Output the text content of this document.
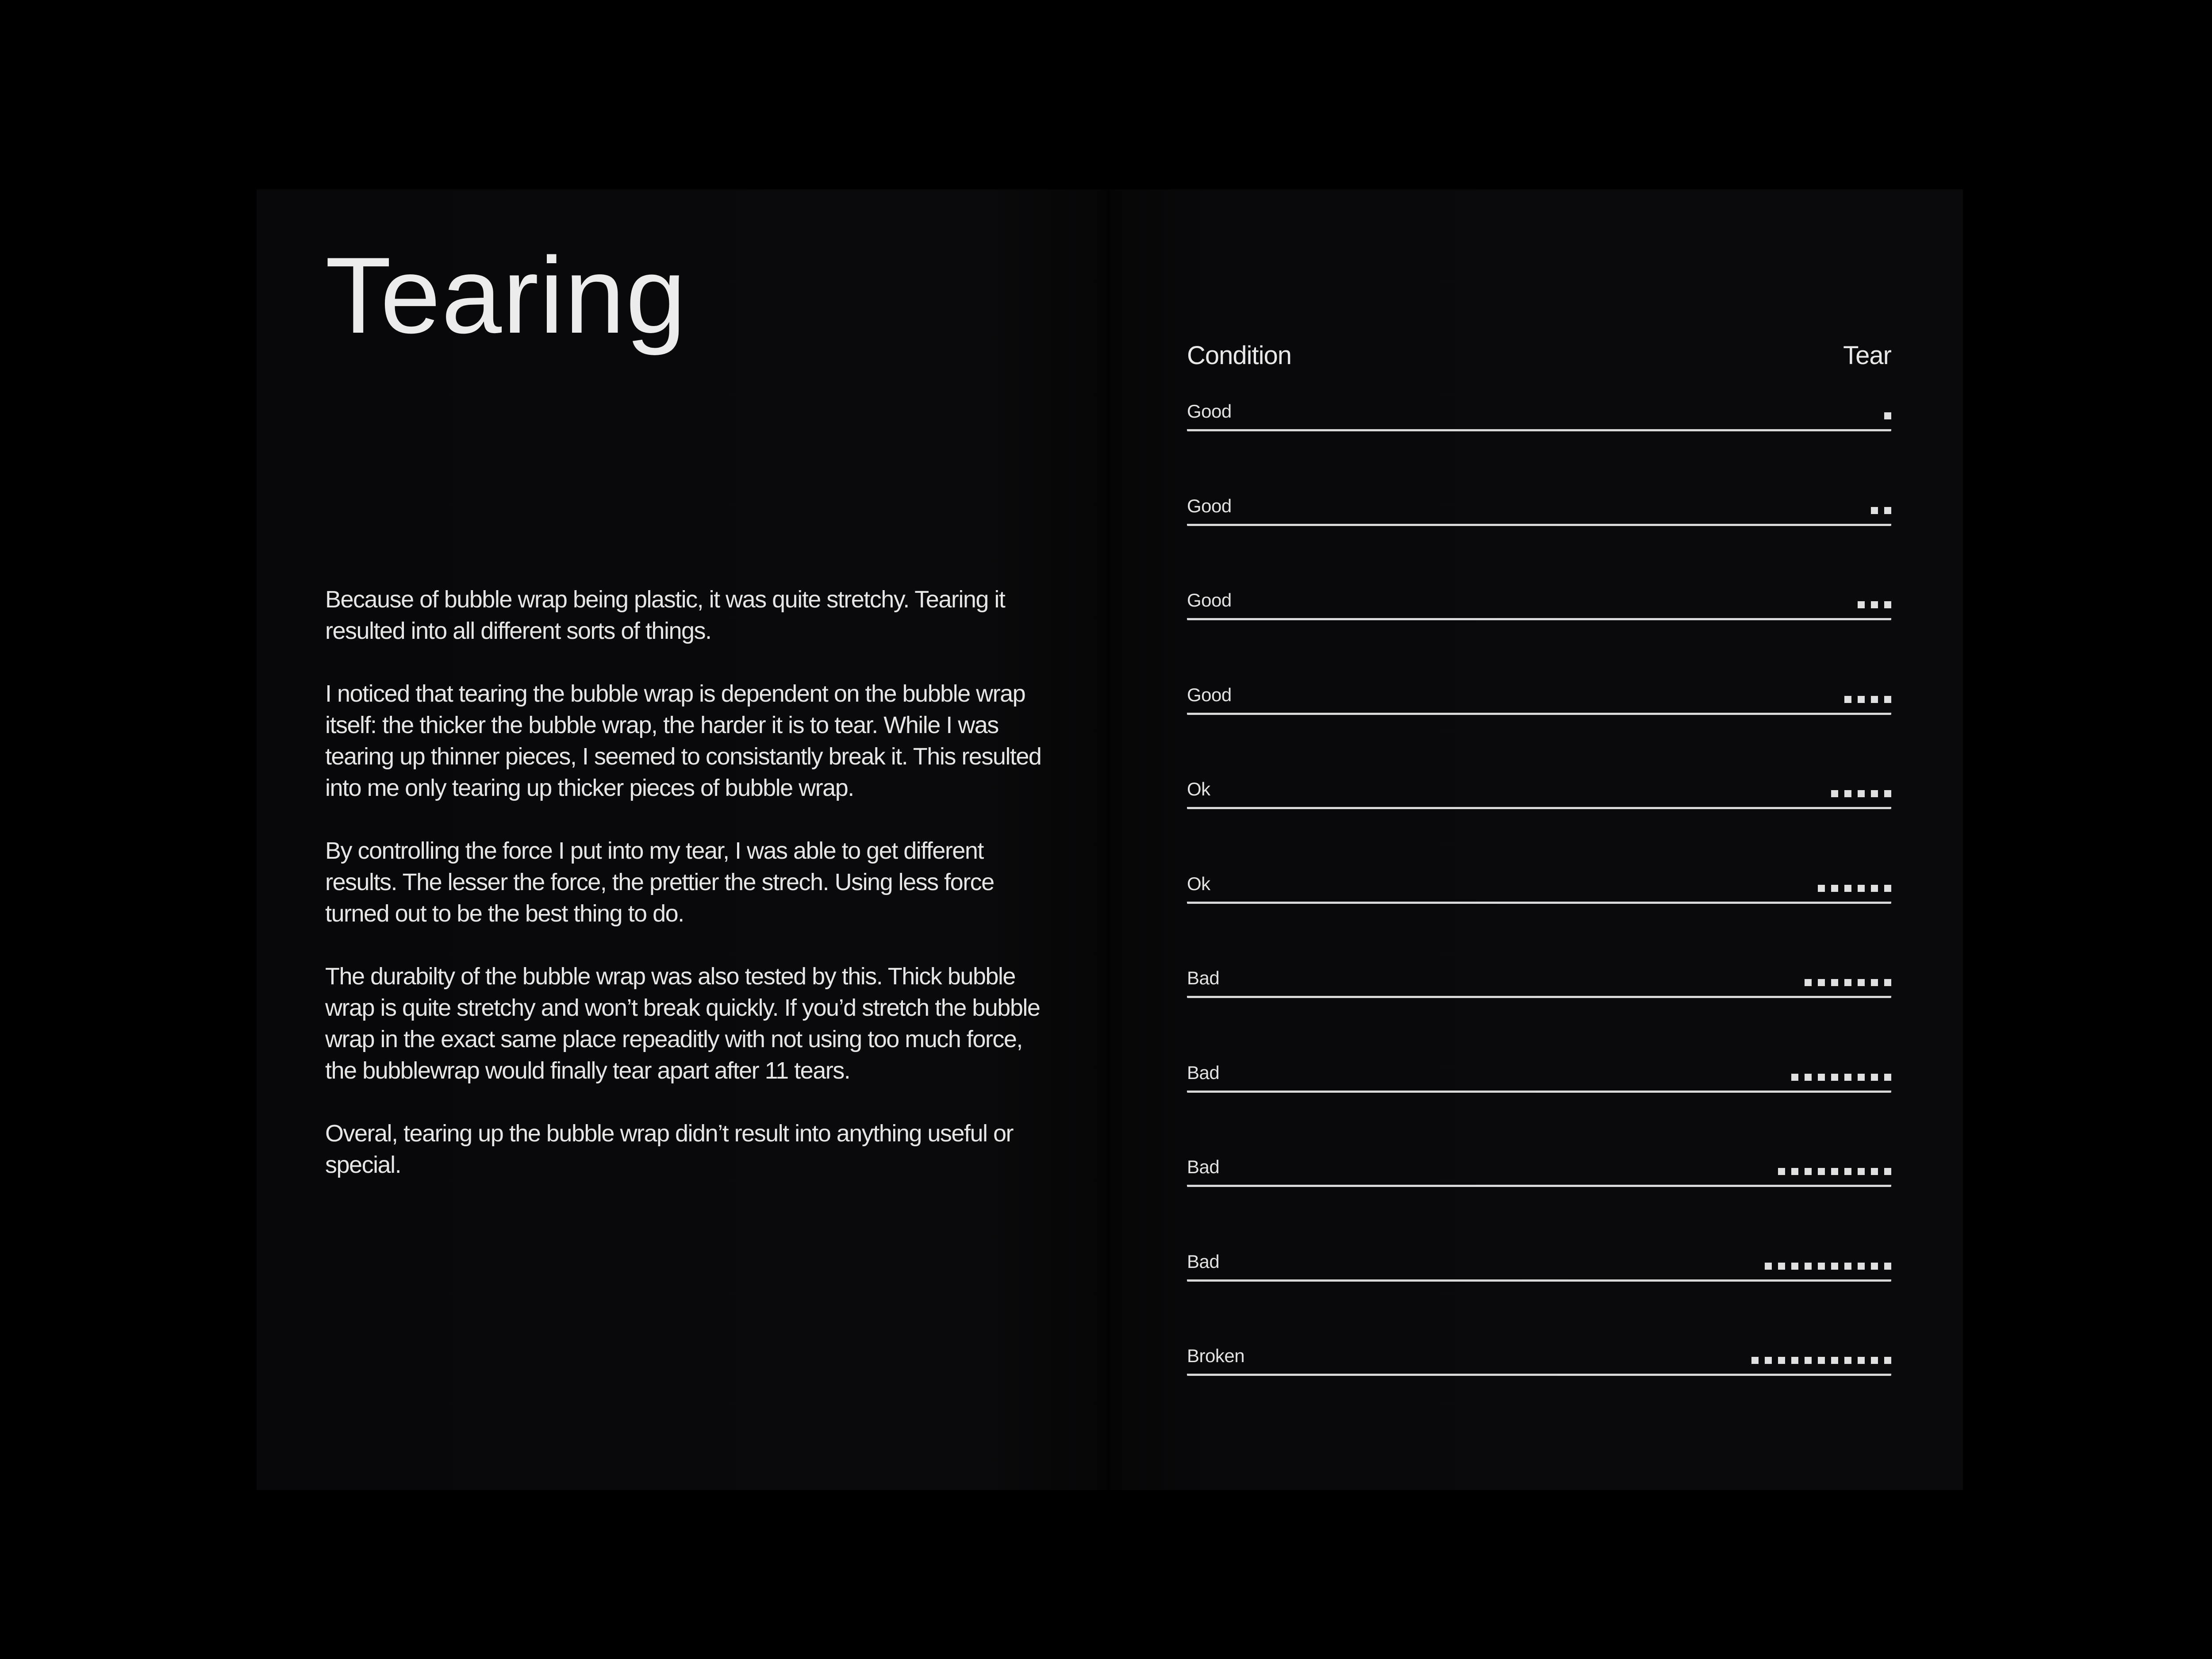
Tearing

Because of bubble wrap being plastic, it was quite stretchy. Tearing it resulted into all different sorts of things.

I noticed that tearing the bubble wrap is dependent on the bubble wrap itself: the thicker the bubble wrap, the harder it is to tear. While I was tearing up thinner pieces, I seemed to consistantly break it. This resulted into me only tearing up thicker pieces of bubble wrap.

By controlling the force I put into my tear, I was able to get different results. The lesser the force, the prettier the strech. Using less force turned out to be the best thing to do.

The durabilty of the bubble wrap was also tested by this. Thick bubble wrap is quite stretchy and won’t break quickly. If you’d stretch the bubble wrap in the exact same place repeaditly with not using too much force, the bubblewrap would finally tear apart after 11 tears.

Overal, tearing up the bubble wrap didn’t result into anything useful or special.

Condition	Tear
Good
Good
Good
Good
Ok
Ok
Bad
Bad
Bad
Bad
Broken
